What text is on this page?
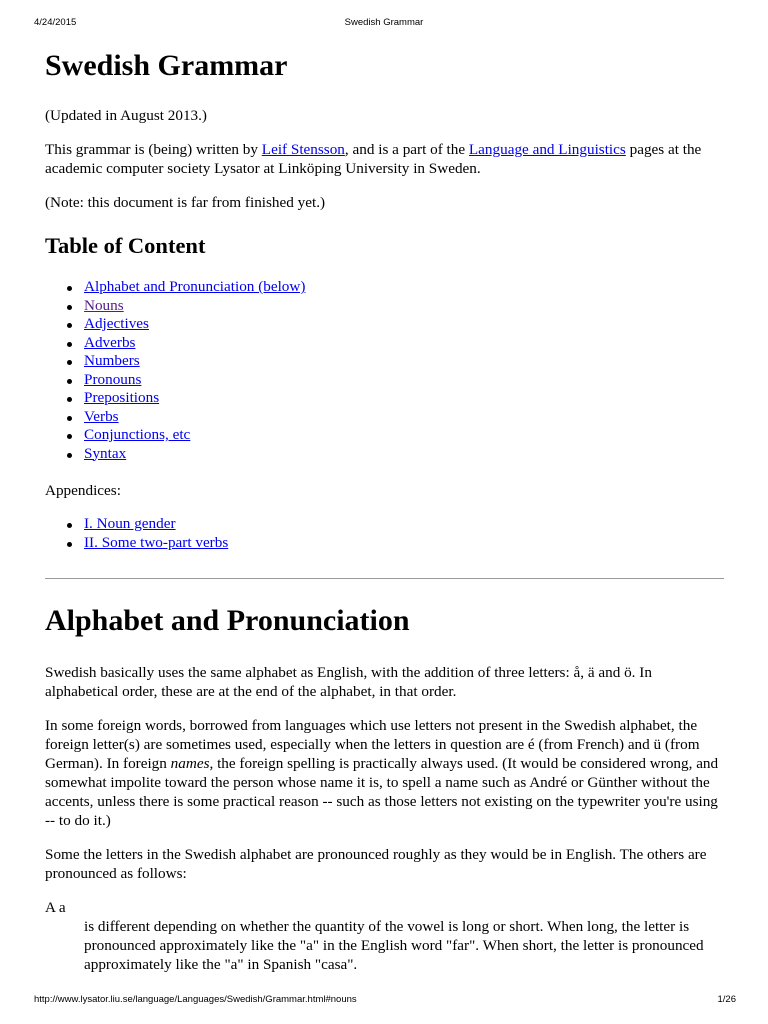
4/24/2015	Swedish Grammar
Swedish Grammar

(Updated in August 2013.)

This grammar is (being) written by Leif Stensson, and is a part of the Language and Linguistics pages at the academic computer society Lysator at Linköping University in Sweden.

(Note: this document is far from finished yet.)

Table of Content
Alphabet and Pronunciation (below)
Nouns
Adjectives
Adverbs
Numbers
Pronouns
Prepositions
Verbs
Conjunctions, etc
Syntax

Appendices:

I. Noun gender
II. Some two-part verbs
Alphabet and Pronunciation

Swedish basically uses the same alphabet as English, with the addition of three letters: å, ä and ö. In alphabetical order, these are at the end of the alphabet, in that order.

In some foreign words, borrowed from languages which use letters not present in the Swedish alphabet, the foreign letter(s) are sometimes used, especially when the letters in question are é (from French) and ü (from German). In foreign names, the foreign spelling is practically always used. (It would be considered wrong, and somewhat impolite toward the person whose name it is, to spell a name such as André or Günther without the accents, unless there is some practical reason -- such as those letters not existing on the typewriter you're using -- to do it.)

Some the letters in the Swedish alphabet are pronounced roughly as they would be in English. The others are pronounced as follows:

A a
is different depending on whether the quantity of the vowel is long or short. When long, the letter is pronounced approximately like the "a" in the English word "far". When short, the letter is pronounced approximately like the "a" in Spanish "casa".
http://www.lysator.liu.se/language/Languages/Swedish/Grammar.html#nouns	1/26
